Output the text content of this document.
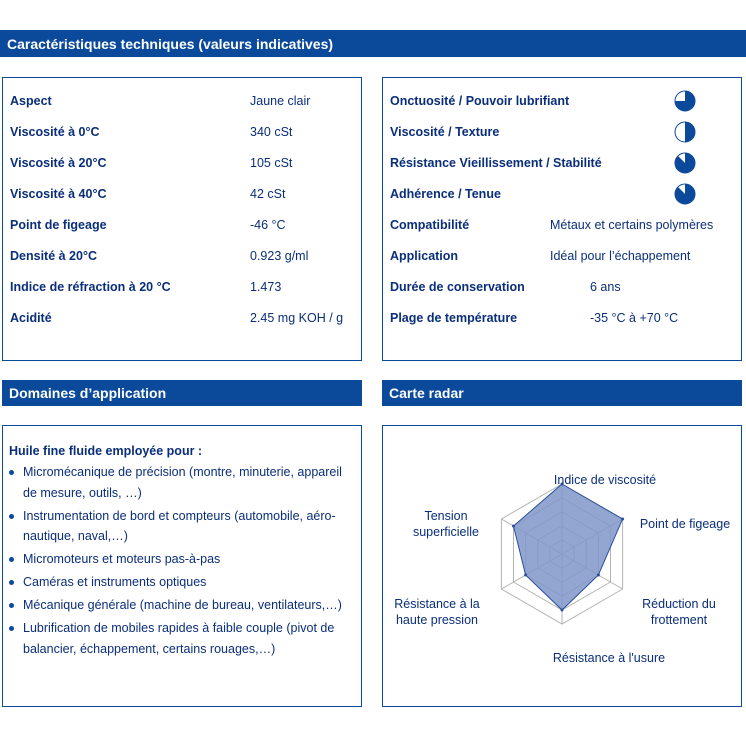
Caractéristiques techniques (valeurs indicatives)
Aspect	Jaune clair
Viscosité à 0°C	340 cSt
Viscosité à 20°C	105 cSt
Viscosité à 40°C	42 cSt
Point de figeage	-46 °C
Densité à 20°C	0.923 g/ml
Indice de réfraction à 20 °C	1.473
Acidité	2.45 mg KOH / g
Onctuosité / Pouvoir lubrifiant
Viscosité / Texture
Résistance Vieillissement / Stabilité
Adhérence / Tenue
Compatibilité	Métaux et certains polymères
Application	Idéal pour l’échappement
Durée de conservation	6 ans
Plage de température	-35 °C à +70 °C
Domaines d’application
Huile fine fluide employée pour :
Micromécanique de précision (montre, minuterie, appareil de mesure, outils, …)
Instrumentation de bord et compteurs (automobile, aéro-nautique, naval,…)
Micromoteurs et moteurs pas-à-pas
Caméras et instruments optiques
Mécanique générale (machine de bureau, ventilateurs,…)
Lubrification de mobiles rapides à faible couple (pivot de balancier, échappement, certains rouages,…)
Carte radar
Indice de viscosité
Point de figeage
Réduction du frottement
Résistance à l'usure
Résistance à la haute pression
Tension superficielle
